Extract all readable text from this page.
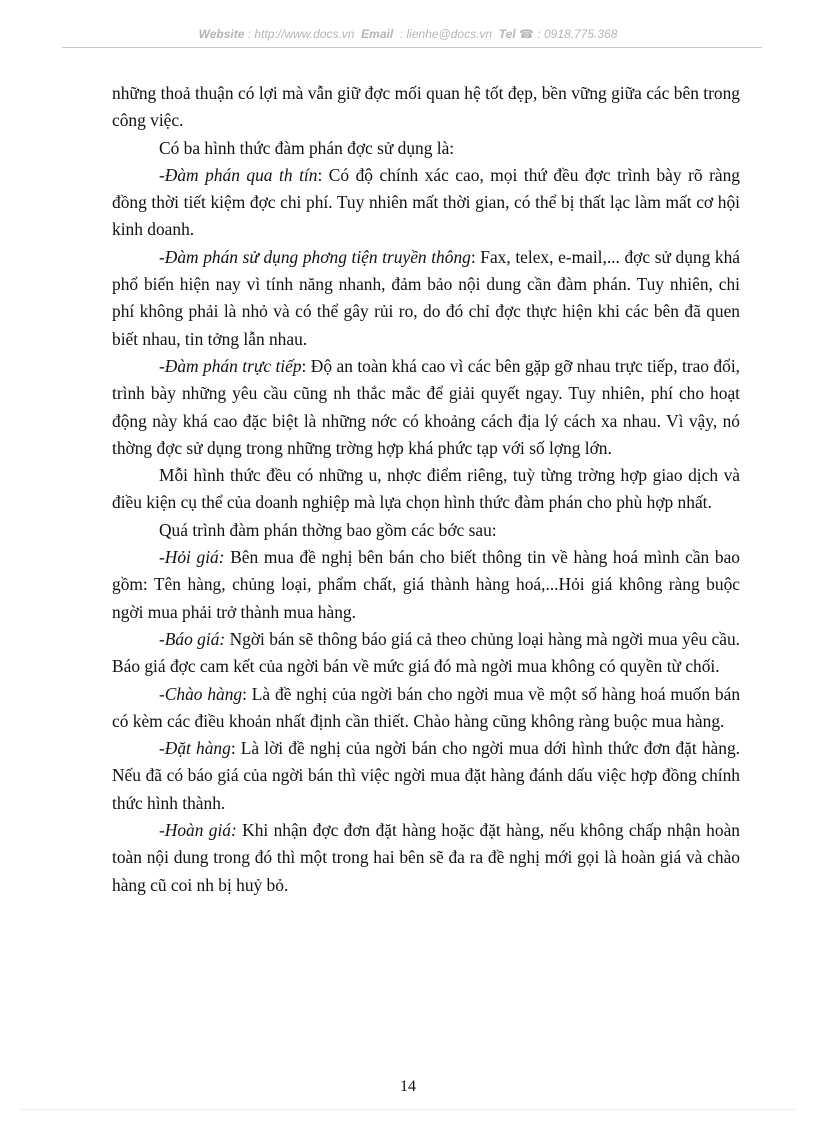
Website : http://www.docs.vn Email : lienhe@docs.vn Tel ☎ : 0918.775.368

những thoả thuận có lợi mà vẫn giữ đợc mối quan hệ tốt đẹp, bền vững giữa các bên trong công việc.

Có ba hình thức đàm phán đợc sử dụng là:

-Đàm phán qua th tín: Có độ chính xác cao, mọi thứ đều đợc trình bày rõ ràng đồng thời tiết kiệm đợc chi phí. Tuy nhiên mất thời gian, có thể bị thất lạc làm mất cơ hội kinh doanh.

-Đàm phán sử dụng phơng tiện truyền thông: Fax, telex, e-mail,... đợc sử dụng khá phổ biến hiện nay vì tính năng nhanh, đảm bảo nội dung cần đàm phán. Tuy nhiên, chi phí không phải là nhỏ và có thể gây rủi ro, do đó chỉ đợc thực hiện khi các bên đã quen biết nhau, tin tởng lẫn nhau.

-Đàm phán trực tiếp: Độ an toàn khá cao vì các bên gặp gỡ nhau trực tiếp, trao đổi, trình bày những yêu cầu cũng nh thắc mắc để giải quyết ngay. Tuy nhiên, phí cho hoạt động này khá cao đặc biệt là những nớc có khoảng cách địa lý cách xa nhau. Vì vậy, nó thờng đợc sử dụng trong những trờng hợp khá phức tạp với số lợng lớn.

Mỗi hình thức đều có những u, nhợc điểm riêng, tuỳ từng trờng hợp giao dịch và điều kiện cụ thể của doanh nghiệp mà lựa chọn hình thức đàm phán cho phù hợp nhất.

Quá trình đàm phán thờng bao gồm các bớc sau:

-Hỏi giá: Bên mua đề nghị bên bán cho biết thông tin về hàng hoá mình cần bao gồm: Tên hàng, chủng loại, phẩm chất, giá thành hàng hoá,...Hỏi giá không ràng buộc ngời mua phải trở thành mua hàng.

-Báo giá: Ngời bán sẽ thông báo giá cả theo chủng loại hàng mà ngời mua yêu cầu. Báo giá đợc cam kết của ngời bán về mức giá đó mà ngời mua không có quyền từ chối.

-Chào hàng: Là đề nghị của ngời bán cho ngời mua về một số hàng hoá muốn bán có kèm các điều khoản nhất định cần thiết. Chào hàng cũng không ràng buộc mua hàng.

-Đặt hàng: Là lời đề nghị của ngời bán cho ngời mua dới hình thức đơn đặt hàng. Nếu đã có báo giá của ngời bán thì việc ngời mua đặt hàng đánh dấu việc hợp đồng chính thức hình thành.

-Hoàn giá: Khi nhận đợc đơn đặt hàng hoặc đặt hàng, nếu không chấp nhận hoàn toàn nội dung trong đó thì một trong hai bên sẽ đa ra đề nghị mới gọi là hoàn giá và chào hàng cũ coi nh bị huỷ bỏ.

14
